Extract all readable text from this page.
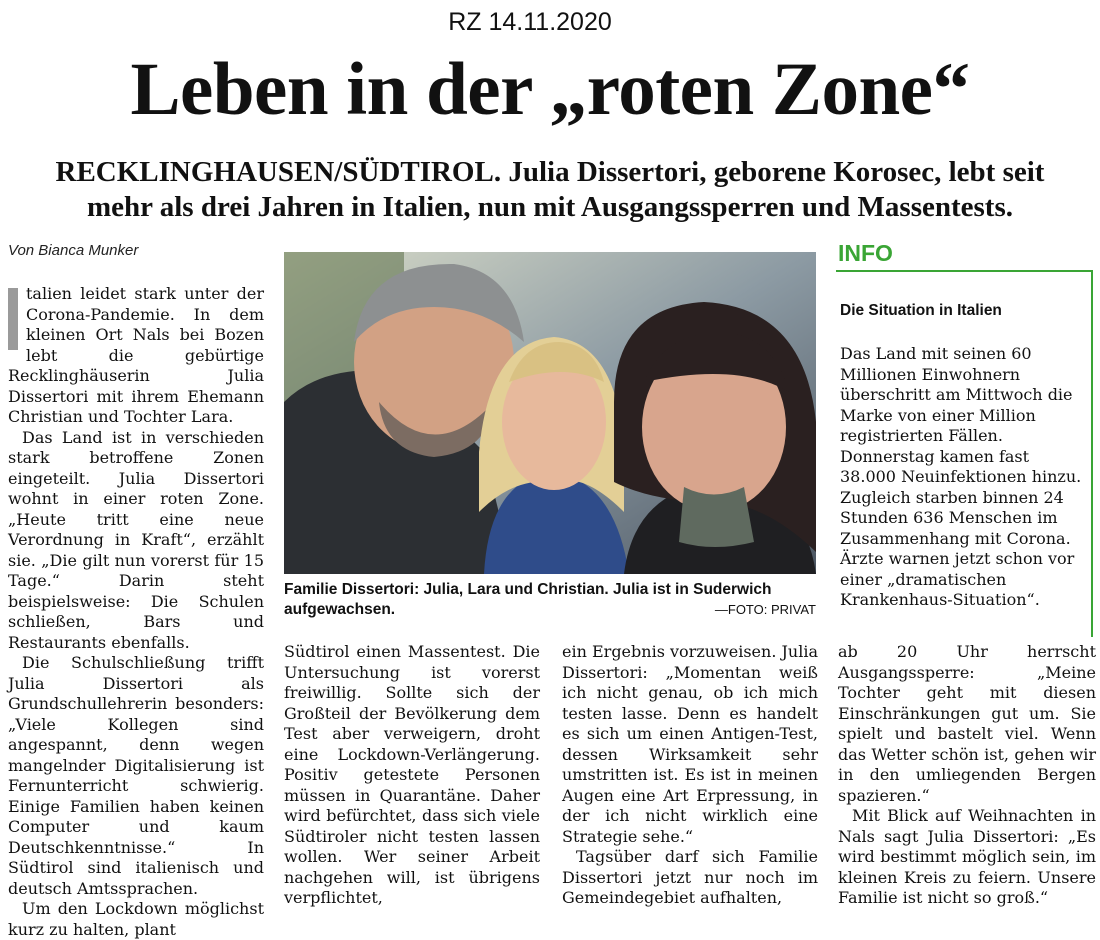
RZ 14.11.2020
Leben in der „roten Zone“
RECKLINGHAUSEN/SÜDTIROL. Julia Dissertori, geborene Korosec, lebt seit mehr als drei Jahren in Italien, nun mit Ausgangssperren und Massentests.
Von Bianca Munker

talien leidet stark unter der Corona-Pandemie. In dem kleinen Ort Nals bei Bozen lebt die gebürtige Recklinghäuserin Julia Dissertori mit ihrem Ehemann Christian und Tochter Lara.

Das Land ist in verschieden stark betroffene Zonen eingeteilt. Julia Dissertori wohnt in einer roten Zone. „Heute tritt eine neue Verordnung in Kraft“, erzählt sie. „Die gilt nun vorerst für 15 Tage.“ Darin steht beispielsweise: Die Schulen schließen, Bars und Restaurants ebenfalls.

Die Schulschließung trifft Julia Dissertori als Grundschullehrerin besonders: „Viele Kollegen sind angespannt, denn wegen mangelnder Digitalisierung ist Fernunterricht schwierig. Einige Familien haben keinen Computer und kaum Deutschkenntnisse.“ In Südtirol sind italienisch und deutsch Amtssprachen.

Um den Lockdown möglichst kurz zu halten, plant

Familie Dissertori: Julia, Lara und Christian. Julia ist in Suderwich aufgewachsen.	—FOTO: PRIVAT
INFO
Die Situation in Italien

Das Land mit seinen 60 Millionen Einwohnern überschritt am Mittwoch die Marke von einer Million registrierten Fällen. Donnerstag kamen fast 38.000 Neuinfektionen hinzu. Zugleich starben binnen 24 Stunden 636 Menschen im Zusammenhang mit Corona. Ärzte warnen jetzt schon vor einer „dramatischen Krankenhaus-Situation“.

Südtirol einen Massentest. Die Untersuchung ist vorerst freiwillig. Sollte sich der Großteil der Bevölkerung dem Test aber verweigern, droht eine Lockdown-Verlängerung. Positiv getestete Personen müssen in Quarantäne. Daher wird befürchtet, dass sich viele Südtiroler nicht testen lassen wollen. Wer seiner Arbeit nachgehen will, ist übrigens verpflichtet,

ein Ergebnis vorzuweisen. Julia Dissertori: „Momentan weiß ich nicht genau, ob ich mich testen lasse. Denn es handelt es sich um einen Antigen-Test, dessen Wirksamkeit sehr umstritten ist. Es ist in meinen Augen eine Art Erpressung, in der ich nicht wirklich eine Strategie sehe.“

Tagsüber darf sich Familie Dissertori jetzt nur noch im Gemeindegebiet aufhalten,

ab 20 Uhr herrscht Ausgangssperre: „Meine Tochter geht mit diesen Einschränkungen gut um. Sie spielt und bastelt viel. Wenn das Wetter schön ist, gehen wir in den umliegenden Bergen spazieren.“

Mit Blick auf Weihnachten in Nals sagt Julia Dissertori: „Es wird bestimmt möglich sein, im kleinen Kreis zu feiern. Unsere Familie ist nicht so groß.“
